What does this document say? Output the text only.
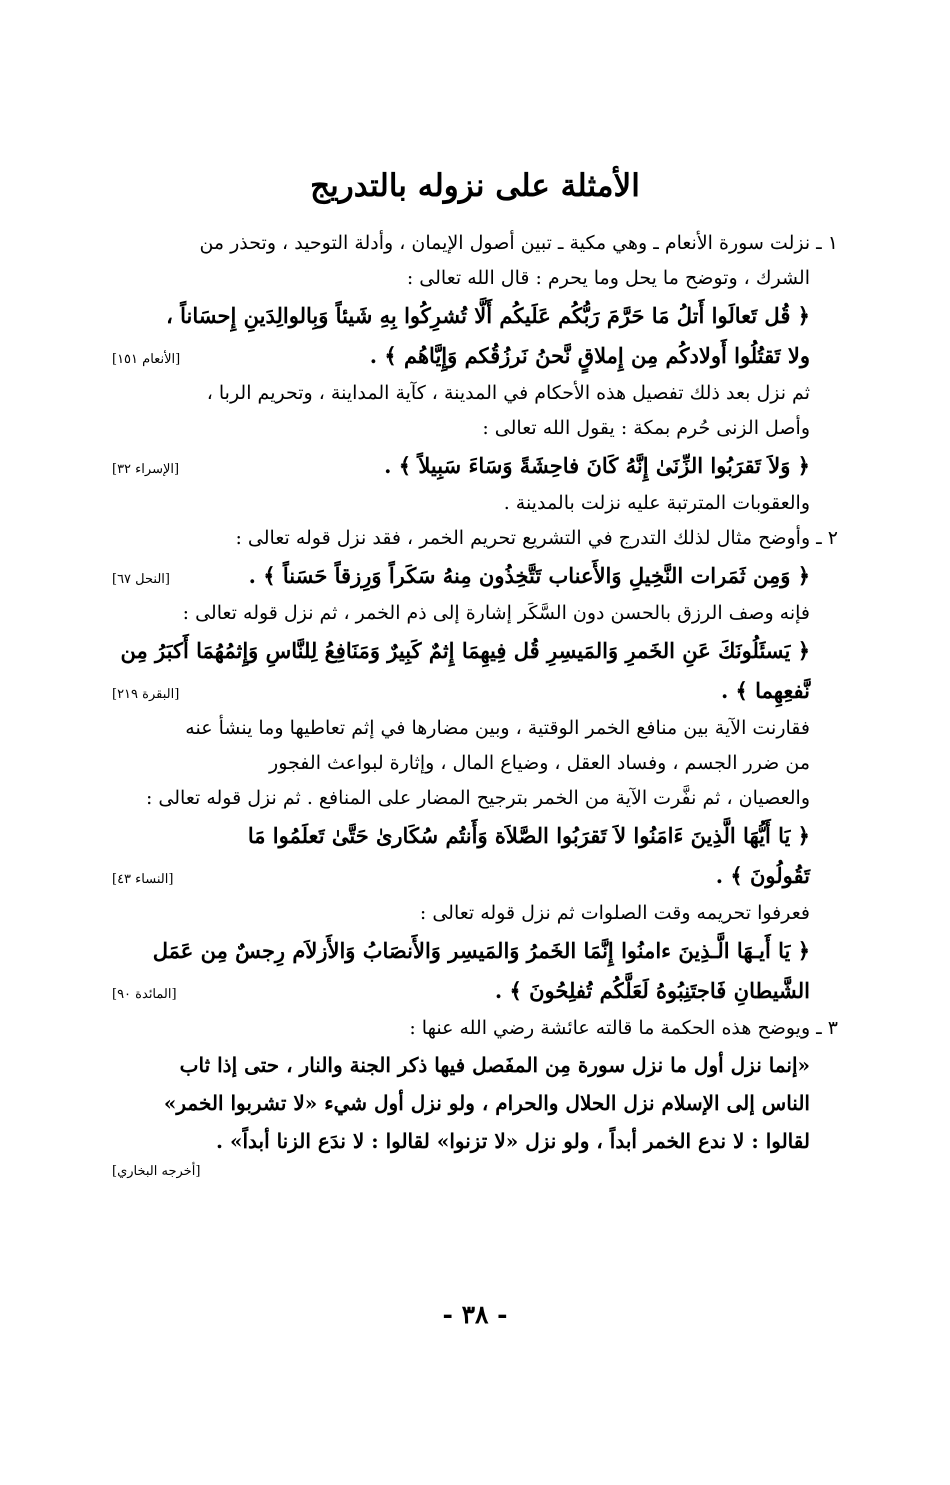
الأمثلة على نزوله بالتدريج
١ ـ نزلت سورة الأنعام ـ وهي مكية ـ تبين أصول الإيمان ، وأدلة التوحيد ، وتحذر من
الشرك ، وتوضح ما يحل وما يحرم : قال الله تعالى :
﴿ قُل تَعالَوا أَتلُ مَا حَرَّمَ رَبُّكُم عَلَيكُم أَلَّا تُشرِكُوا بِهِ شَيئاً وَبِالوالِدَينِ إِحسَاناً ،
ولا تَقتُلُوا أَولادكُم مِن إِملاقٍ نَّحنُ نَرزُقُكم وَإِيَّاهُم ﴾ .
[الأنعام ١٥١]
ثم نزل بعد ذلك تفصيل هذه الأحكام في المدينة ، كآية المداينة ، وتحريم الربا ،
وأصل الزنى حُرم بمكة : يقول الله تعالى :
﴿ وَلاَ تَقرَبُوا الزِّنَىٰ إِنَّهُ كَانَ فاحِشَةً وَسَاءَ سَبِيلاً ﴾ .
[الإسراء ٣٢]
والعقوبات المترتبة عليه نزلت بالمدينة .
٢ ـ وأوضح مثال لذلك التدرج في التشريع تحريم الخمر ، فقد نزل قوله تعالى :
﴿ وَمِن ثَمَرات النَّخِيلِ وَالأَعناب تَتَّخِذُون مِنهُ سَكَراً وَرِزقاً حَسَناً ﴾ .
[النحل ٦٧]
فإنه وصف الرزق بالحسن دون السَّكَر إشارة إلى ذم الخمر ، ثم نزل قوله تعالى :
﴿ يَسئَلُونَكَ عَنِ الخَمرِ وَالمَيسِرِ قُل فِيهِمَا إِثمٌ كَبِيرٌ وَمَنَافِعُ لِلنَّاسِ وَإِثمُهُمَا أَكبَرُ مِن
نَّفعِهِما ﴾ .
[البقرة ٢١٩]
فقارنت الآية بين منافع الخمر الوقتية ، وبين مضارها في إثم تعاطيها وما ينشأ عنه
من ضرر الجسم ، وفساد العقل ، وضياع المال ، وإثارة لبواعث الفجور
والعصيان ، ثم نفَّرت الآية من الخمر بترجيح المضار على المنافع . ثم نزل قوله تعالى :
﴿ يَا أَيُّهَا الَّذِينَ ءَامَنُوا لاَ تَقرَبُوا الصَّلاَة وَأَنتُم سُكَارىٰ حَتَّىٰ تَعلَمُوا مَا
تَقُولُونَ ﴾ .
[النساء ٤٣]
فعرفوا تحريمه وقت الصلوات ثم نزل قوله تعالى :
﴿ يَا أَيـهَا الَّـذِينَ ءامنُوا إِنَّمَا الخَمرُ وَالمَيسِر وَالأَنصَابُ وَالأَزلاَم رِجسٌ مِن عَمَل
الشَّيطانِ فَاجتَنِبُوهُ لَعَلَّكُم تُفلِحُونَ ﴾ .
[المائدة ٩٠]
٣ ـ ويوضح هذه الحكمة ما قالته عائشة رضي الله عنها :
«إنما نزل أول ما نزل سورة مِن المفَصل فيها ذكر الجنة والنار ، حتى إذا ثاب
الناس إلى الإسلام نزل الحلال والحرام ، ولو نزل أول شيء «لا تشربوا الخمر»
لقالوا : لا ندع الخمر أبداً ، ولو نزل «لا تزنوا» لقالوا : لا ندَع الزنا أبداً» .
[أخرجه البخاري]
- ٣٨ -
